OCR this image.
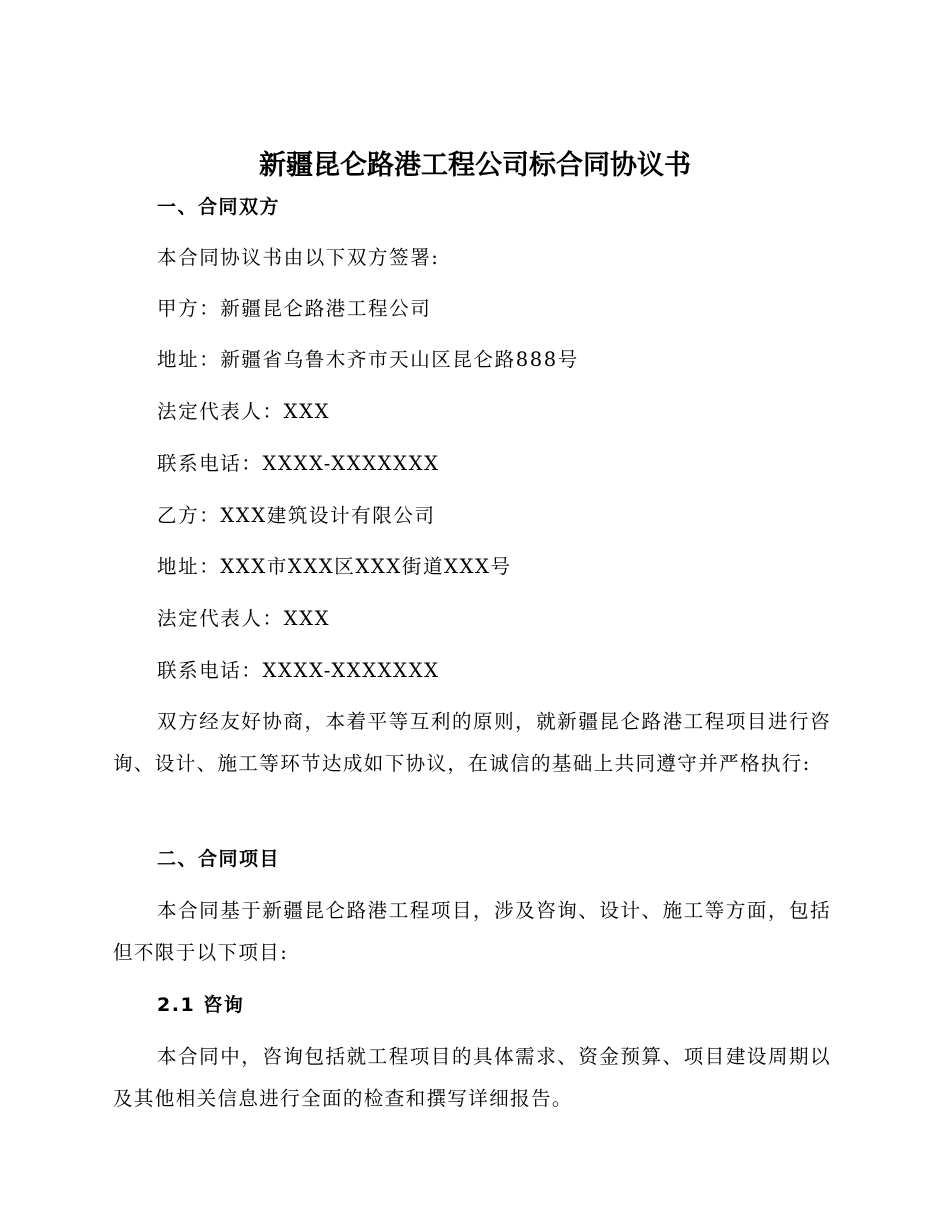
新疆昆仑路港工程公司标合同协议书
一、合同双方
本合同协议书由以下双方签署:
甲方：新疆昆仑路港工程公司
地址：新疆省乌鲁木齐市天山区昆仑路888号
法定代表人：XXX
联系电话：XXXX-XXXXXXX
乙方：XXX建筑设计有限公司
地址：XXX市XXX区XXX街道XXX号
法定代表人：XXX
联系电话：XXXX-XXXXXXX

双方经友好协商，本着平等互利的原则，就新疆昆仑路港工程项目进行咨询、设计、施工等环节达成如下协议，在诚信的基础上共同遵守并严格执行:

二、合同项目

本合同基于新疆昆仑路港工程项目，涉及咨询、设计、施工等方面，包括但不限于以下项目:

2.1 咨询

本合同中，咨询包括就工程项目的具体需求、资金预算、项目建设周期以及其他相关信息进行全面的检查和撰写详细报告。
